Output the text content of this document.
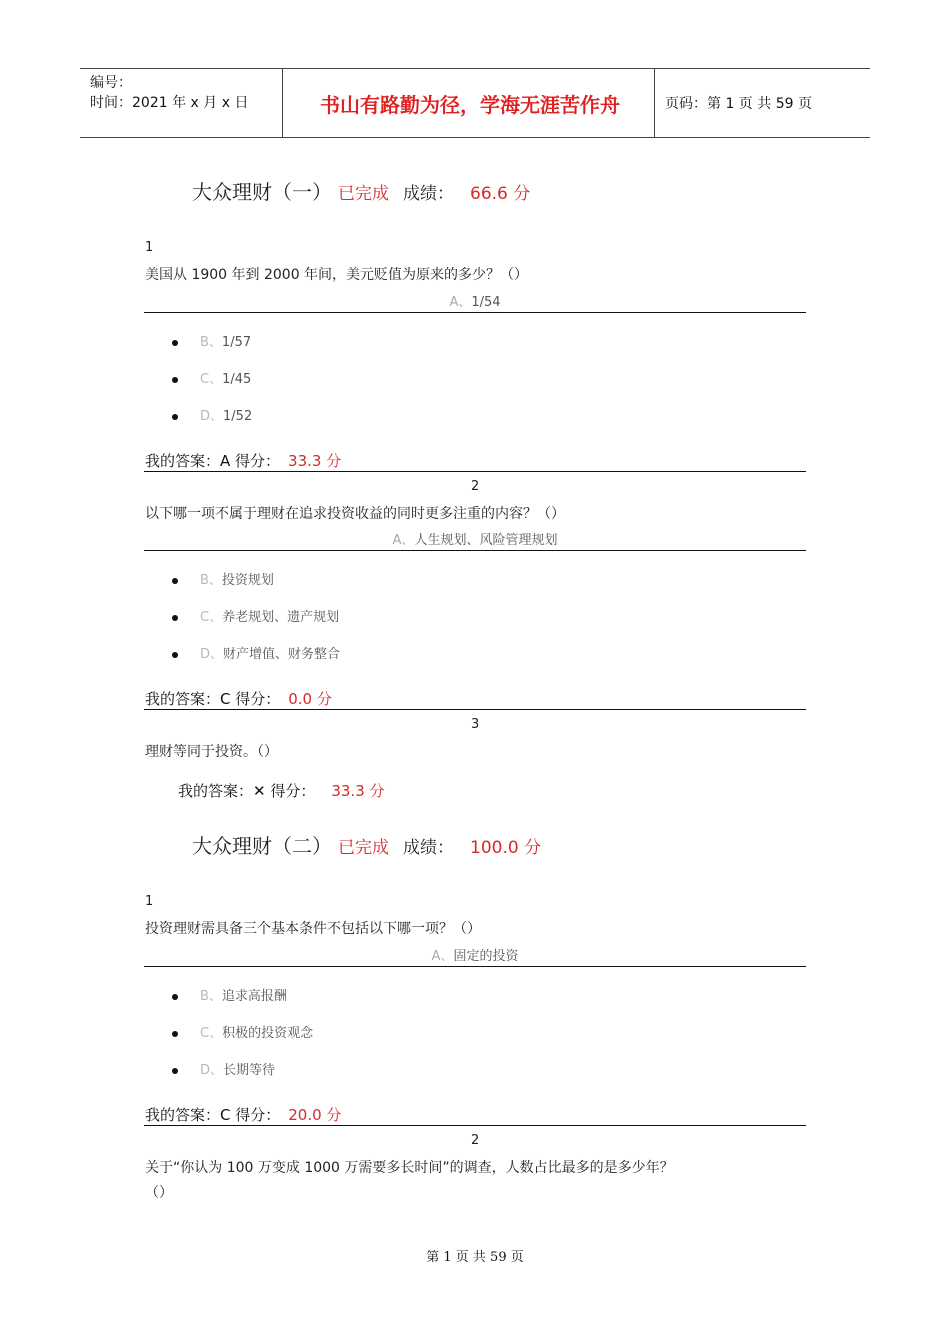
编号：
时间：2021 年 x 月 x 日	书山有路勤为径，学海无涯苦作舟	页码：第 1 页 共 59 页
大众理财（一） 已完成 成绩： 66.6 分
1
美国从 1900 年到 2000 年间，美元贬值为原来的多少？（）
A、1/54
B、1/57
C、1/45
D、1/52
我的答案：A 得分： 33.3 分
2
以下哪一项不属于理财在追求投资收益的同时更多注重的内容？（）
A、人生规划、风险管理规划
B、投资规划
C、养老规划、遗产规划
D、财产增值、财务整合
我的答案：C 得分： 0.0 分
3
理财等同于投资。（）
我的答案：✕ 得分： 33.3 分
大众理财（二） 已完成 成绩： 100.0 分
1
投资理财需具备三个基本条件不包括以下哪一项？（）
A、固定的投资
B、追求高报酬
C、积极的投资观念
D、长期等待
我的答案：C 得分： 20.0 分
2
关于“你认为 100 万变成 1000 万需要多长时间”的调查，人数占比最多的是多少年？
（）
第 1 页 共 59 页
